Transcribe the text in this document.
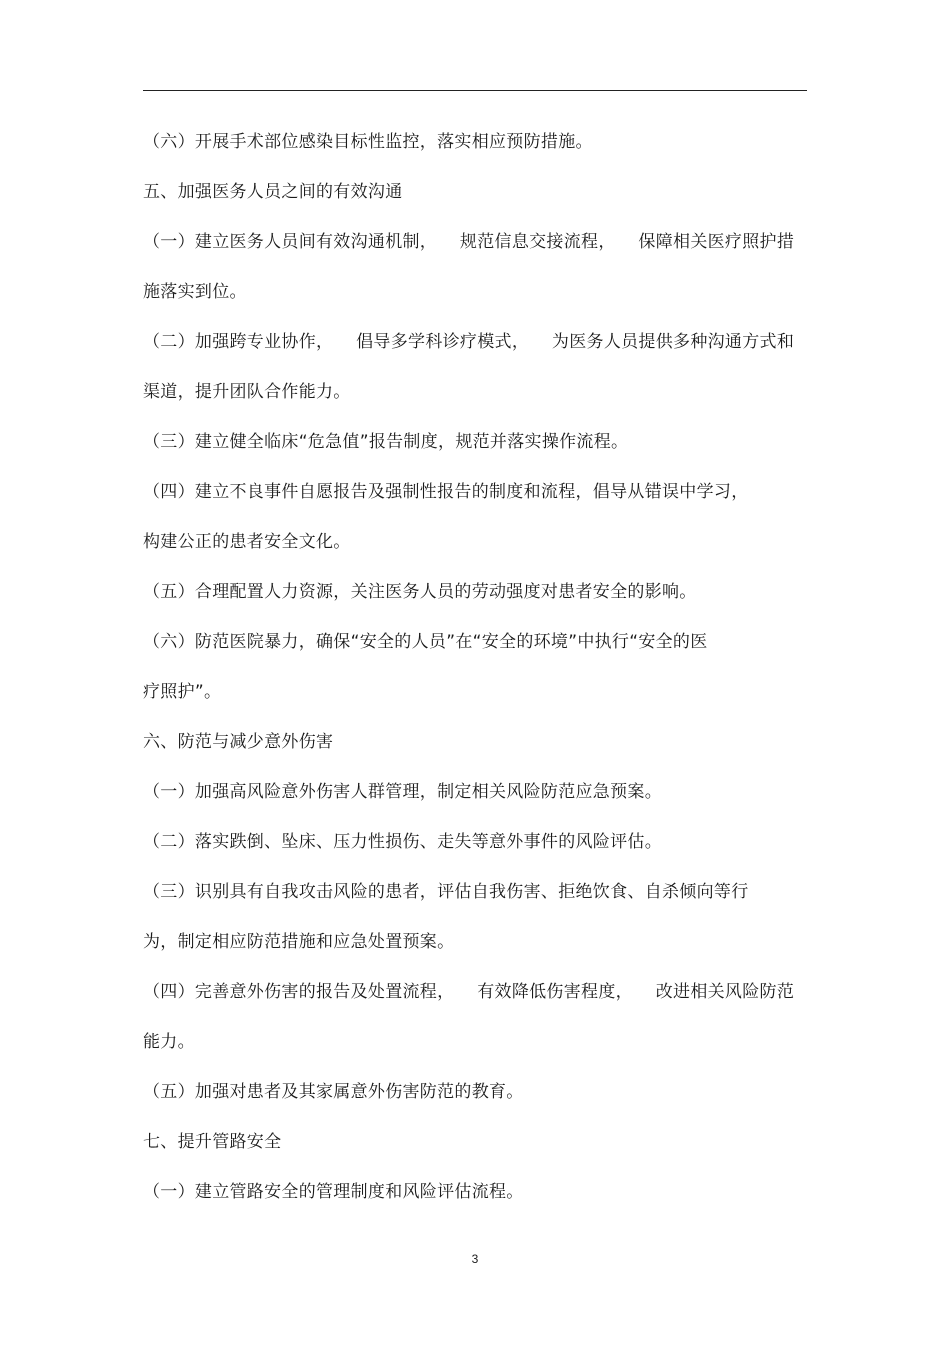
（六）开展手术部位感染目标性监控，落实相应预防措施。
五、加强医务人员之间的有效沟通
（一）建立医务人员间有效沟通机制，    规范信息交接流程，    保障相关医疗照护措
施落实到位。
（二）加强跨专业协作，    倡导多学科诊疗模式，    为医务人员提供多种沟通方式和
渠道，提升团队合作能力。
（三）建立健全临床“危急值”报告制度，规范并落实操作流程。
（四）建立不良事件自愿报告及强制性报告的制度和流程，倡导从错误中学习，
构建公正的患者安全文化。
（五）合理配置人力资源，关注医务人员的劳动强度对患者安全的影响。
（六）防范医院暴力，确保“安全的人员”在“安全的环境”中执行“安全的医
疗照护”。
六、防范与减少意外伤害
（一）加强高风险意外伤害人群管理，制定相关风险防范应急预案。
（二）落实跌倒、坠床、压力性损伤、走失等意外事件的风险评估。
（三）识别具有自我攻击风险的患者，评估自我伤害、拒绝饮食、自杀倾向等行
为，制定相应防范措施和应急处置预案。
（四）完善意外伤害的报告及处置流程，    有效降低伤害程度，    改进相关风险防范
能力。
（五）加强对患者及其家属意外伤害防范的教育。
七、提升管路安全
（一）建立管路安全的管理制度和风险评估流程。
3
